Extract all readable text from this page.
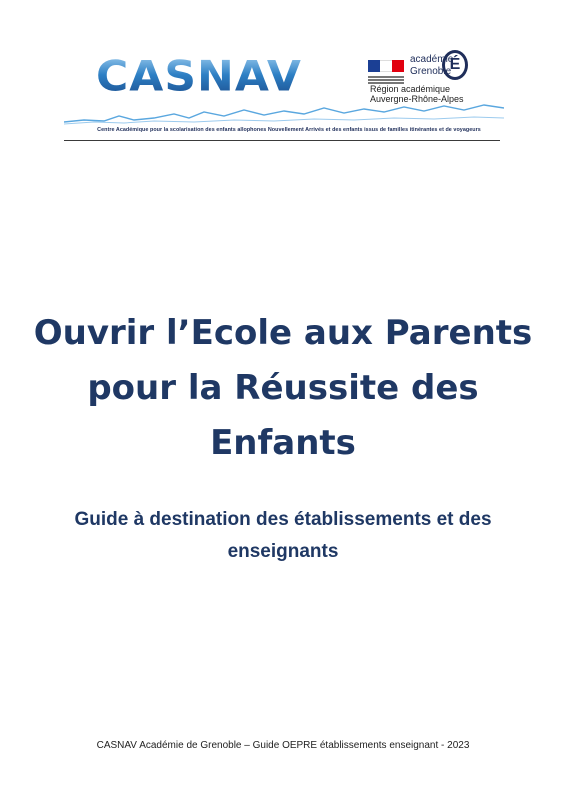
CASNAV	académie
Grenoble
É
Région académique
Auvergne-Rhône-Alpes
Centre Académique pour la scolarisation des enfants allophones Nouvellement Arrivés et des enfants issus de familles itinérantes et de voyageurs
Ouvrir l’Ecole aux Parents
pour la Réussite des
Enfants
Guide à destination des établissements et des
enseignants
CASNAV Académie de Grenoble – Guide OEPRE établissements enseignant - 2023
